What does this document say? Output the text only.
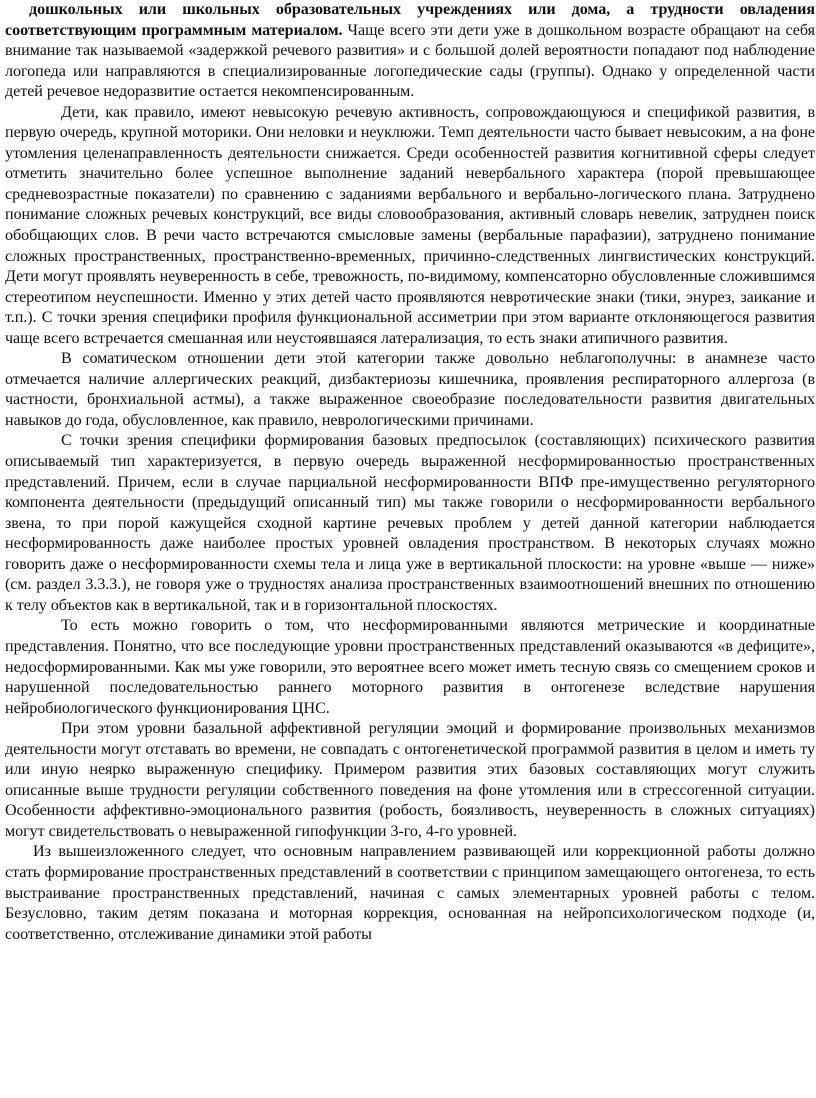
дошкольных или школьных образовательных учреждениях или дома, а трудности овладения соответствующим программным материалом. Чаще всего эти дети уже в дошкольном возрасте обращают на себя внимание так называемой «задержкой речевого развития» и с большой долей вероятности попадают под наблюдение логопеда или направляются в специализированные логопедические сады (группы). Однако у определенной части детей речевое недоразвитие остается некомпенсированным.

Дети, как правило, имеют невысокую речевую активность, сопровождающуюся и спецификой развития, в первую очередь, крупной моторики. Они неловки и неуклюжи. Темп деятельности часто бывает невысоким, а на фоне утомления целенаправленность деятельности снижается. Среди особенностей развития когнитивной сферы следует отметить значительно более успешное выполнение заданий невербального характера (порой превышающее средневозрастные показатели) по сравнению с заданиями вербального и вербально-логического плана. Затруднено понимание сложных речевых конструкций, все виды словообразования, активный словарь невелик, затруднен поиск обобщающих слов. В речи часто встречаются смысловые замены (вербальные парафазии), затруднено понимание сложных пространственных, пространственно-временных, причинно-следственных лингвистических конструкций. Дети могут проявлять неуверенность в себе, тревожность, по-видимому, компенсаторно обусловленные сложившимся стереотипом неуспешности. Именно у этих детей часто проявляются невротические знаки (тики, энурез, заикание и т.п.). С точки зрения специфики профиля функциональной ассиметрии при этом варианте отклоняющегося развития чаще всего встречается смешанная или неустоявшаяся латерализация, то есть знаки атипичного развития.

В соматическом отношении дети этой категории также довольно неблагополучны: в анамнезе часто отмечается наличие аллергических реакций, дизбактериозы кишечника, проявления респираторного аллергоза (в частности, бронхиальной астмы), а также выраженное своеобразие последовательности развития двигательных навыков до года, обусловленное, как правило, неврологическими причинами.

С точки зрения специфики формирования базовых предпосылок (составляющих) психического развития описываемый тип характеризуется, в первую очередь выраженной несформированностью пространственных представлений. Причем, если в случае парциальной несформированности ВПФ пре-имущественно регуляторного компонента деятельности (предыдущий описанный тип) мы также говорили о несформированности вербального звена, то при порой кажущейся сходной картине речевых проблем у детей данной категории наблюдается несформированность даже наиболее простых уровней овладения пространством. В некоторых случаях можно говорить даже о несформированности схемы тела и лица уже в вертикальной плоскости: на уровне «выше — ниже» (см. раздел 3.3.3.), не говоря уже о трудностях анализа пространственных взаимоотношений внешних по отношению к телу объектов как в вертикальной, так и в горизонтальной плоскостях.

То есть можно говорить о том, что несформированными являются метрические и координатные представления. Понятно, что все последующие уровни пространственных представлений оказываются «в дефиците», недосформированными. Как мы уже говорили, это вероятнее всего может иметь тесную связь со смещением сроков и нарушенной последовательностью раннего моторного развития в онтогенезе вследствие нарушения нейробиологического функционирования ЦНС.

При этом уровни базальной аффективной регуляции эмоций и формирование произвольных механизмов деятельности могут отставать во времени, не совпадать с онтогенетической программой развития в целом и иметь ту или иную неярко выраженную специфику. Примером развития этих базовых составляющих могут служить описанные выше трудности регуляции собственного поведения на фоне утомления или в стрессогенной ситуации. Особенности аффективно-эмоционального развития (робость, боязливость, неуверенность в сложных ситуациях) могут свидетельствовать о невыраженной гипофункции 3-го, 4-го уровней.

Из вышеизложенного следует, что основным направлением развивающей или коррекционной работы должно стать формирование пространственных представлений в соответствии с принципом замещающего онтогенеза, то есть выстраивание пространственных представлений, начиная с самых элементарных уровней работы с телом. Безусловно, таким детям показана и моторная коррекция, основанная на нейропсихологическом подходе (и, соответственно, отслеживание динамики этой работы
